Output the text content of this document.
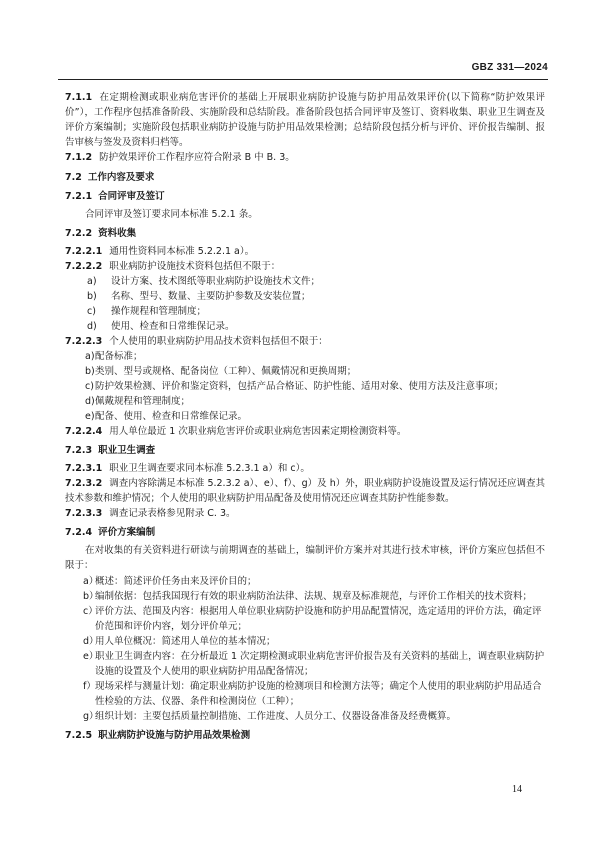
GBZ 331—2024
7.1.1 在定期检测或职业病危害评价的基础上开展职业病防护设施与防护用品效果评价(以下简称“防护效果评价”），工作程序包括准备阶段、实施阶段和总结阶段。准备阶段包括合同评审及签订、资料收集、职业卫生调查及评价方案编制；实施阶段包括职业病防护设施与防护用品效果检测；总结阶段包括分析与评价、评价报告编制、报告审核与签发及资料归档等。
7.1.2 防护效果评价工作程序应符合附录 B 中 B. 3。
7.2 工作内容及要求
7.2.1 合同评审及签订
合同评审及签订要求同本标准 5.2.1 条。
7.2.2 资料收集
7.2.2.1 通用性资料同本标准 5.2.2.1 a）。
7.2.2.2 职业病防护设施技术资料包括但不限于：
a) 设计方案、技术图纸等职业病防护设施技术文件；
b) 名称、型号、数量、主要防护参数及安装位置；
c) 操作规程和管理制度；
d) 使用、检查和日常维保记录。
7.2.2.3 个人使用的职业病防护用品技术资料包括但不限于：
a) 配备标准；
b) 类别、型号或规格、配备岗位（工种）、佩戴情况和更换周期；
c) 防护效果检测、评价和鉴定资料，包括产品合格证、防护性能、适用对象、使用方法及注意事项；
d) 佩戴规程和管理制度；
e) 配备、使用、检查和日常维保记录。
7.2.2.4 用人单位最近 1 次职业病危害评价或职业病危害因素定期检测资料等。
7.2.3 职业卫生调查
7.2.3.1 职业卫生调查要求同本标准 5.2.3.1 a）和 c）。
7.2.3.2 调查内容除满足本标准 5.2.3.2 a）、e）、f）、g）及 h）外，职业病防护设施设置及运行情况还应调查其技术参数和维护情况；个人使用的职业病防护用品配备及使用情况还应调查其防护性能参数。
7.2.3.3 调查记录表格参见附录 C. 3。
7.2.4 评价方案编制
在对收集的有关资料进行研读与前期调查的基础上，编制评价方案并对其进行技术审核，评价方案应包括但不限于：
a）
概述：简述评价任务由来及评价目的；
b）
编制依据：包括我国现行有效的职业病防治法律、法规、规章及标准规范，与评价工作相关的技术资料；
c）
评价方法、范围及内容：根据用人单位职业病防护设施和防护用品配置情况，选定适用的评价方法，确定评价范围和评价内容，划分评价单元；
d）
用人单位概况：简述用人单位的基本情况；
e）
职业卫生调查内容：在分析最近 1 次定期检测或职业病危害评价报告及有关资料的基础上，调查职业病防护设施的设置及个人使用的职业病防护用品配备情况；
f） 现场采样与测量计划：确定职业病防护设施的检测项目和检测方法等；确定个人使用的职业病防护用品适合性检验的方法、仪器、条件和检测岗位（工种）；
g）
组织计划：主要包括质量控制措施、工作进度、人员分工、仪器设备准备及经费概算。
7.2.5 职业病防护设施与防护用品效果检测
14
